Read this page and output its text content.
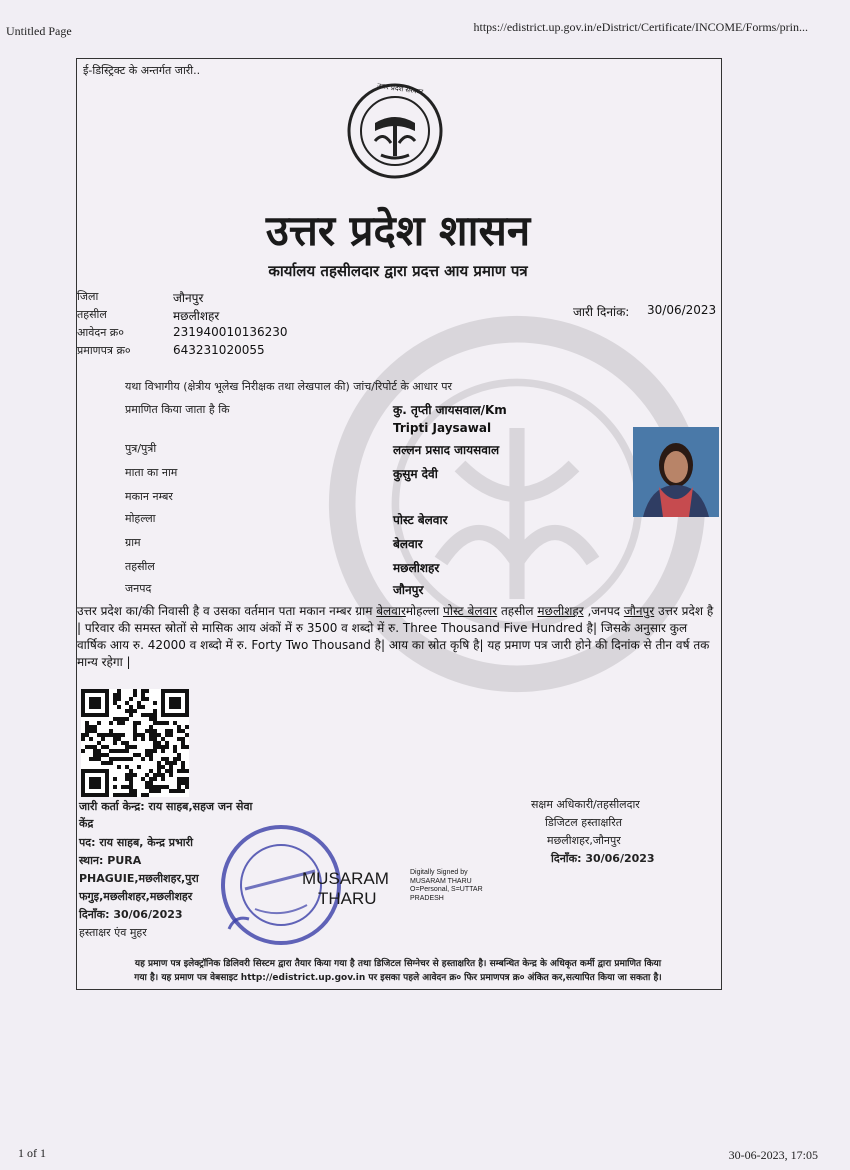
Untitled Page	https://edistrict.up.gov.in/eDistrict/Certificate/INCOME/Forms/prin...
1 of 1	30-06-2023, 17:05
ई-डिस्ट्रिक्ट के अन्तर्गत जारी..
उत्तर प्रदेश सरकार
उत्तर प्रदेश शासन
कार्यालय तहसीलदार द्वारा प्रदत्त आय प्रमाण पत्र
जिला	जौनपुर
तहसील	मछलीशहर
आवेदन क्र०	231940010136230
प्रमाणपत्र क्र०	643231020055
जारी दिनांक: 30/06/2023
यथा विभागीय (क्षेत्रीय भूलेख निरीक्षक तथा लेखपाल की) जांच/रिपोर्ट के आधार पर
प्रमाणित किया जाता है कि	कु. तृप्ती जायसवाल/Km
Tripti Jaysawal
पुत्र/पुत्री	लल्लन प्रसाद जायसवाल
माता का नाम	कुसुम देवी
मकान नम्बर
मोहल्ला	पोस्ट बेलवार
ग्राम	बेलवार
तहसील	मछलीशहर
जनपद	जौनपुर
उत्तर प्रदेश का/की निवासी है व उसका वर्तमान पता मकान नम्बर ग्राम बेलवारमोहल्ला पोस्ट बेलवार तहसील मछलीशहर ,जनपद जौनपुर उत्तर प्रदेश है | परिवार की समस्त स्रोतों से मासिक आय अंकों में रु 3500 व शब्दो में रु. Three Thousand Five Hundred है| जिसके अनुसार कुल वार्षिक आय रु. 42000 व शब्दो में रु. Forty Two Thousand है| आय का स्रोत कृषि है| यह प्रमाण पत्र जारी होने की दिनांक से तीन वर्ष तक मान्य रहेगा |
जारी कर्ता केन्द्र: राय साहब,सहज जन सेवा
केंद्र
पद: राय साहब, केन्द्र प्रभारी
स्थान: PURA
PHAGUIE,मछलीशहर,पुरा
फगुइ,मछलीशहर,मछलीशहर
दिनाँक: 30/06/2023
हस्ताक्षर एंव मुहर
MUSARAM
THARU
Digitally Signed by
MUSARAM THARU
O=Personal, S=UTTAR
PRADESH
सक्षम अधिकारी/तहसीलदार
डिजिटल हस्ताक्षरित
मछलीशहर,जौनपुर
दिनाँक: 30/06/2023
यह प्रमाण पत्र इलेक्ट्रॉनिक डिलिवरी सिस्टम द्वारा तैयार किया गया है तथा डिजिटल सिग्नेचर से हस्ताक्षरित है। सम्बन्धित केन्द्र के अधिकृत कर्मी द्वारा प्रमाणित किया
गया है। यह प्रमाण पत्र वेबसाइट http://edistrict.up.gov.in पर इसका पहले आवेदन क्र० फिर प्रमाणपत्र क्र० अंकित कर,सत्यापित किया जा सकता है।
